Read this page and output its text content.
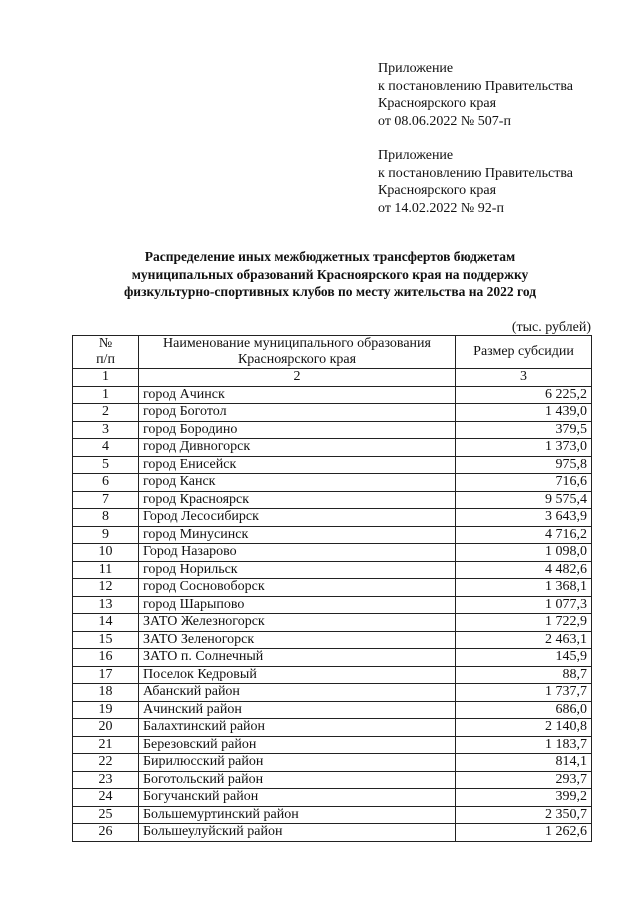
Приложение
к постановлению Правительства
Красноярского края
от 08.06.2022 № 507-п
Приложение
к постановлению Правительства
Красноярского края
от 14.02.2022 № 92-п
Распределение иных межбюджетных трансфертов бюджетам
муниципальных образований Красноярского края на поддержку
физкультурно-спортивных клубов по месту жительства на 2022 год
(тыс. рублей)
№
п/п	Наименование муниципального образования Красноярского края	Размер субсидии
1	2	3
1	город Ачинск	6 225,2
2	город Боготол	1 439,0
3	город Бородино	379,5
4	город Дивногорск	1 373,0
5	город Енисейск	975,8
6	город Канск	716,6
7	город Красноярск	9 575,4
8	Город Лесосибирск	3 643,9
9	город Минусинск	4 716,2
10	Город Назарово	1 098,0
11	город Норильск	4 482,6
12	город Сосновоборск	1 368,1
13	город Шарыпово	1 077,3
14	ЗАТО Железногорск	1 722,9
15	ЗАТО Зеленогорск	2 463,1
16	ЗАТО п. Солнечный	145,9
17	Поселок Кедровый	88,7
18	Абанский район	1 737,7
19	Ачинский район	686,0
20	Балахтинский район	2 140,8
21	Березовский район	1 183,7
22	Бирилюсский район	814,1
23	Боготольский район	293,7
24	Богучанский район	399,2
25	Большемуртинский район	2 350,7
26	Большеулуйский район	1 262,6
